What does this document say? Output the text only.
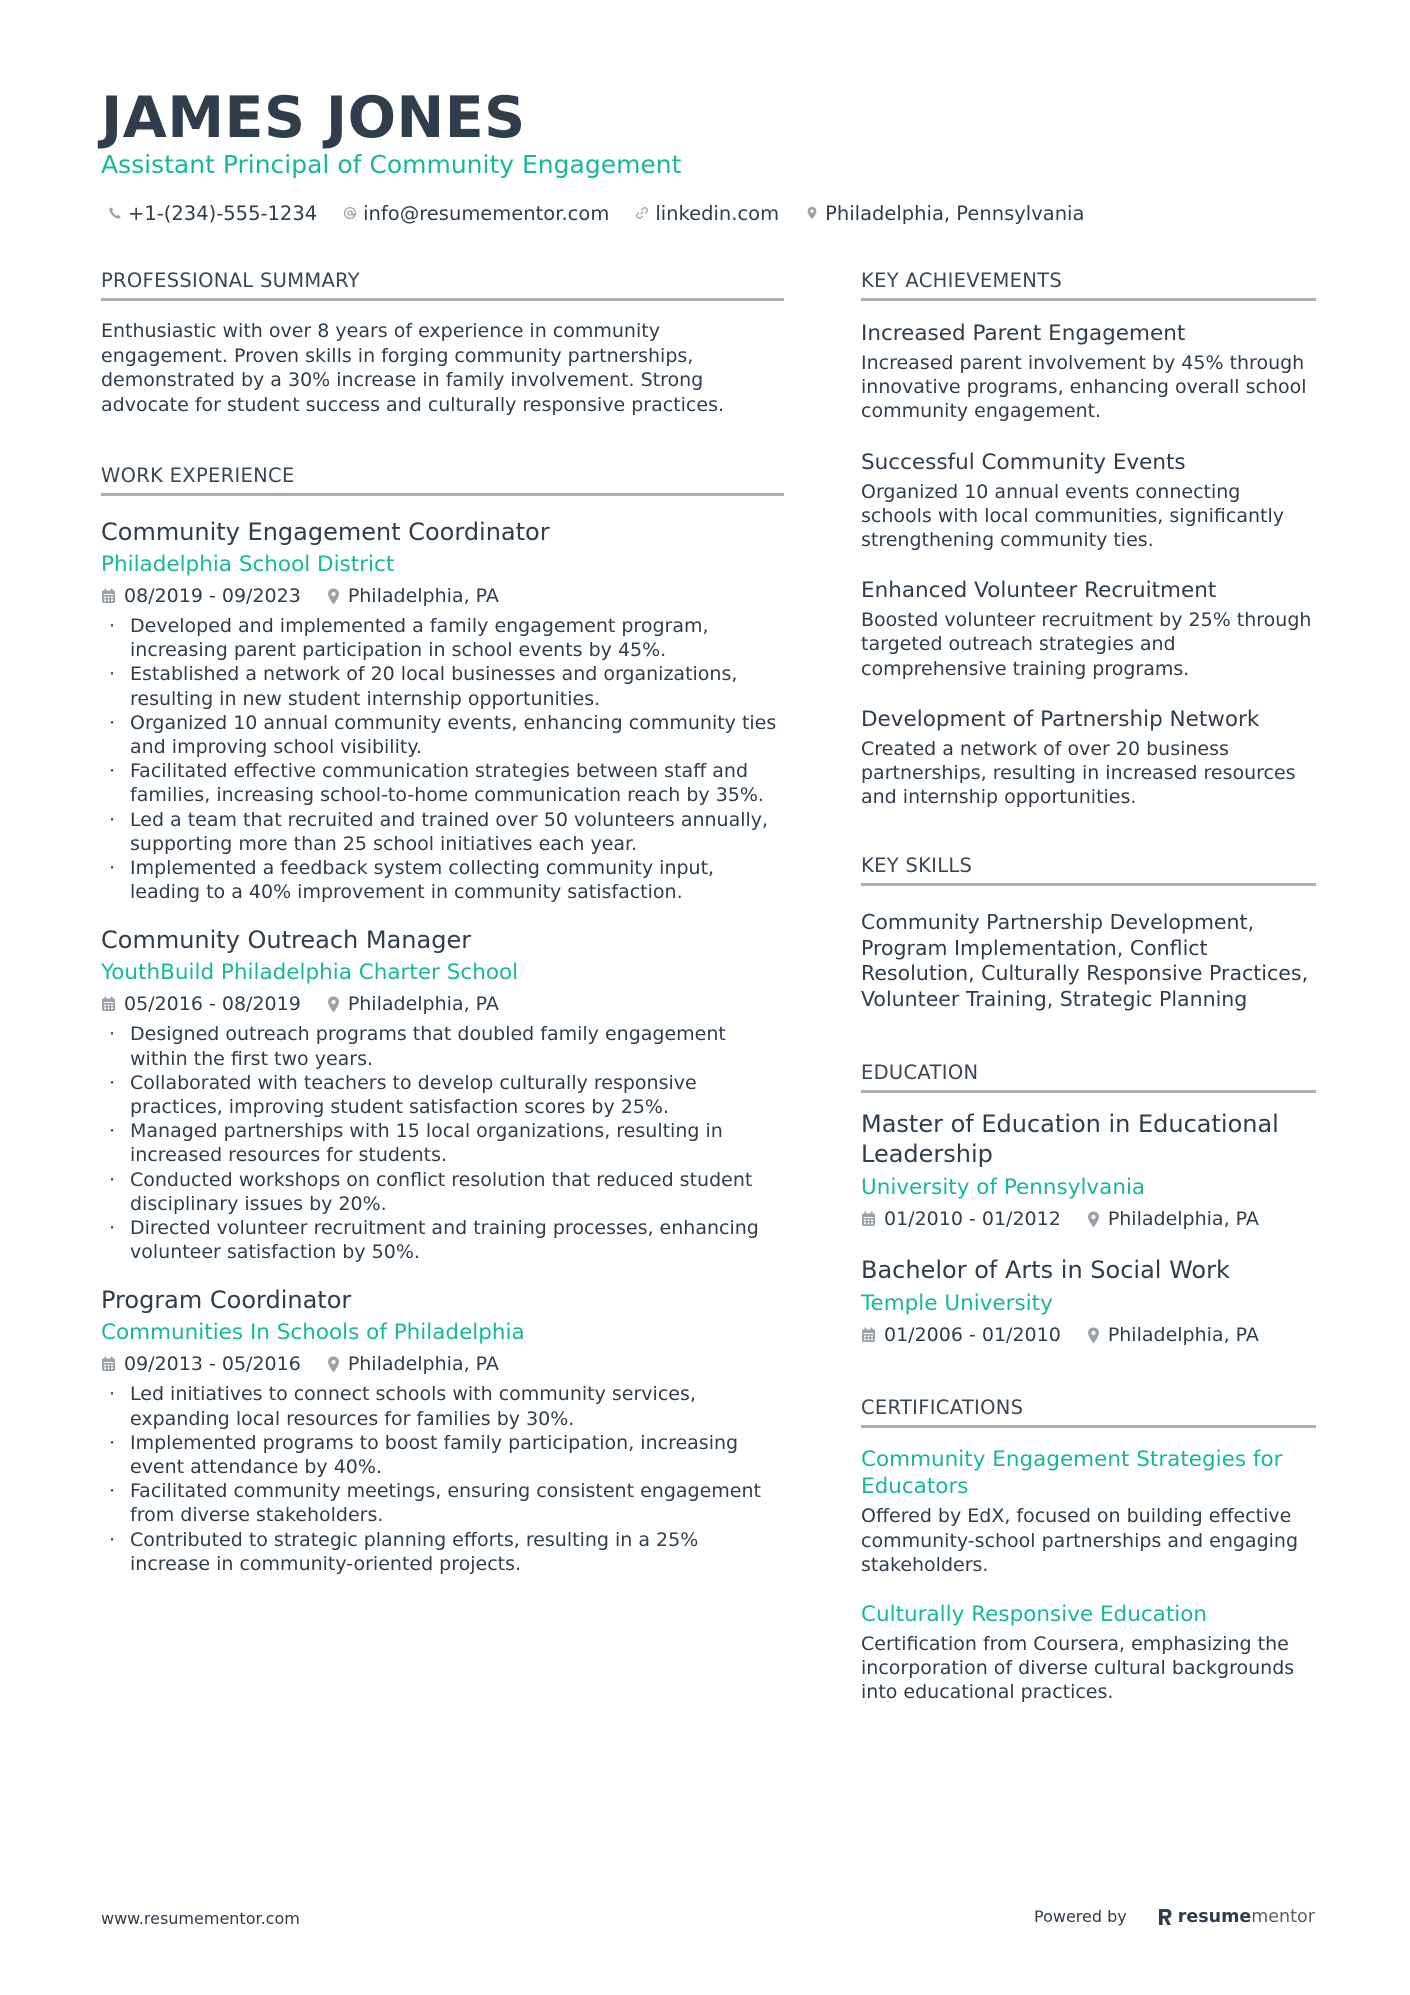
JAMES JONES
Assistant Principal of Community Engagement
+1-(234)-555-1234 info@resumementor.com linkedin.com Philadelphia, Pennsylvania
PROFESSIONAL SUMMARY

Enthusiastic with over 8 years of experience in community engagement. Proven skills in forging community partnerships, demonstrated by a 30% increase in family involvement. Strong advocate for student success and culturally responsive practices.

WORK EXPERIENCE
Community Engagement Coordinator
Philadelphia School District
08/2019 - 09/2023 Philadelphia, PA
· Developed and implemented a family engagement program, increasing parent participation in school events by 45%.
· Established a network of 20 local businesses and organizations, resulting in new student internship opportunities.
· Organized 10 annual community events, enhancing community ties and improving school visibility.
· Facilitated effective communication strategies between staff and families, increasing school-to-home communication reach by 35%.
· Led a team that recruited and trained over 50 volunteers annually, supporting more than 25 school initiatives each year.
· Implemented a feedback system collecting community input, leading to a 40% improvement in community satisfaction.
Community Outreach Manager
YouthBuild Philadelphia Charter School
05/2016 - 08/2019 Philadelphia, PA
· Designed outreach programs that doubled family engagement within the first two years.
· Collaborated with teachers to develop culturally responsive practices, improving student satisfaction scores by 25%.
· Managed partnerships with 15 local organizations, resulting in increased resources for students.
· Conducted workshops on conflict resolution that reduced student disciplinary issues by 20%.
· Directed volunteer recruitment and training processes, enhancing volunteer satisfaction by 50%.
Program Coordinator
Communities In Schools of Philadelphia
09/2013 - 05/2016 Philadelphia, PA
· Led initiatives to connect schools with community services, expanding local resources for families by 30%.
· Implemented programs to boost family participation, increasing event attendance by 40%.
· Facilitated community meetings, ensuring consistent engagement from diverse stakeholders.
· Contributed to strategic planning efforts, resulting in a 25% increase in community-oriented projects.
KEY ACHIEVEMENTS
Increased Parent Engagement
Increased parent involvement by 45% through innovative programs, enhancing overall school community engagement.
Successful Community Events
Organized 10 annual events connecting schools with local communities, significantly strengthening community ties.
Enhanced Volunteer Recruitment
Boosted volunteer recruitment by 25% through targeted outreach strategies and comprehensive training programs.
Development of Partnership Network
Created a network of over 20 business partnerships, resulting in increased resources and internship opportunities.
KEY SKILLS

Community Partnership Development, Program Implementation, Conflict Resolution, Culturally Responsive Practices, Volunteer Training, Strategic Planning

EDUCATION
Master of Education in Educational Leadership
University of Pennsylvania
01/2010 - 01/2012 Philadelphia, PA
Bachelor of Arts in Social Work
Temple University
01/2006 - 01/2010 Philadelphia, PA
CERTIFICATIONS
Community Engagement Strategies for Educators
Offered by EdX, focused on building effective community-school partnerships and engaging stakeholders.
Culturally Responsive Education
Certification from Coursera, emphasizing the incorporation of diverse cultural backgrounds into educational practices.
www.resumementor.com	Powered by	resume mentor
